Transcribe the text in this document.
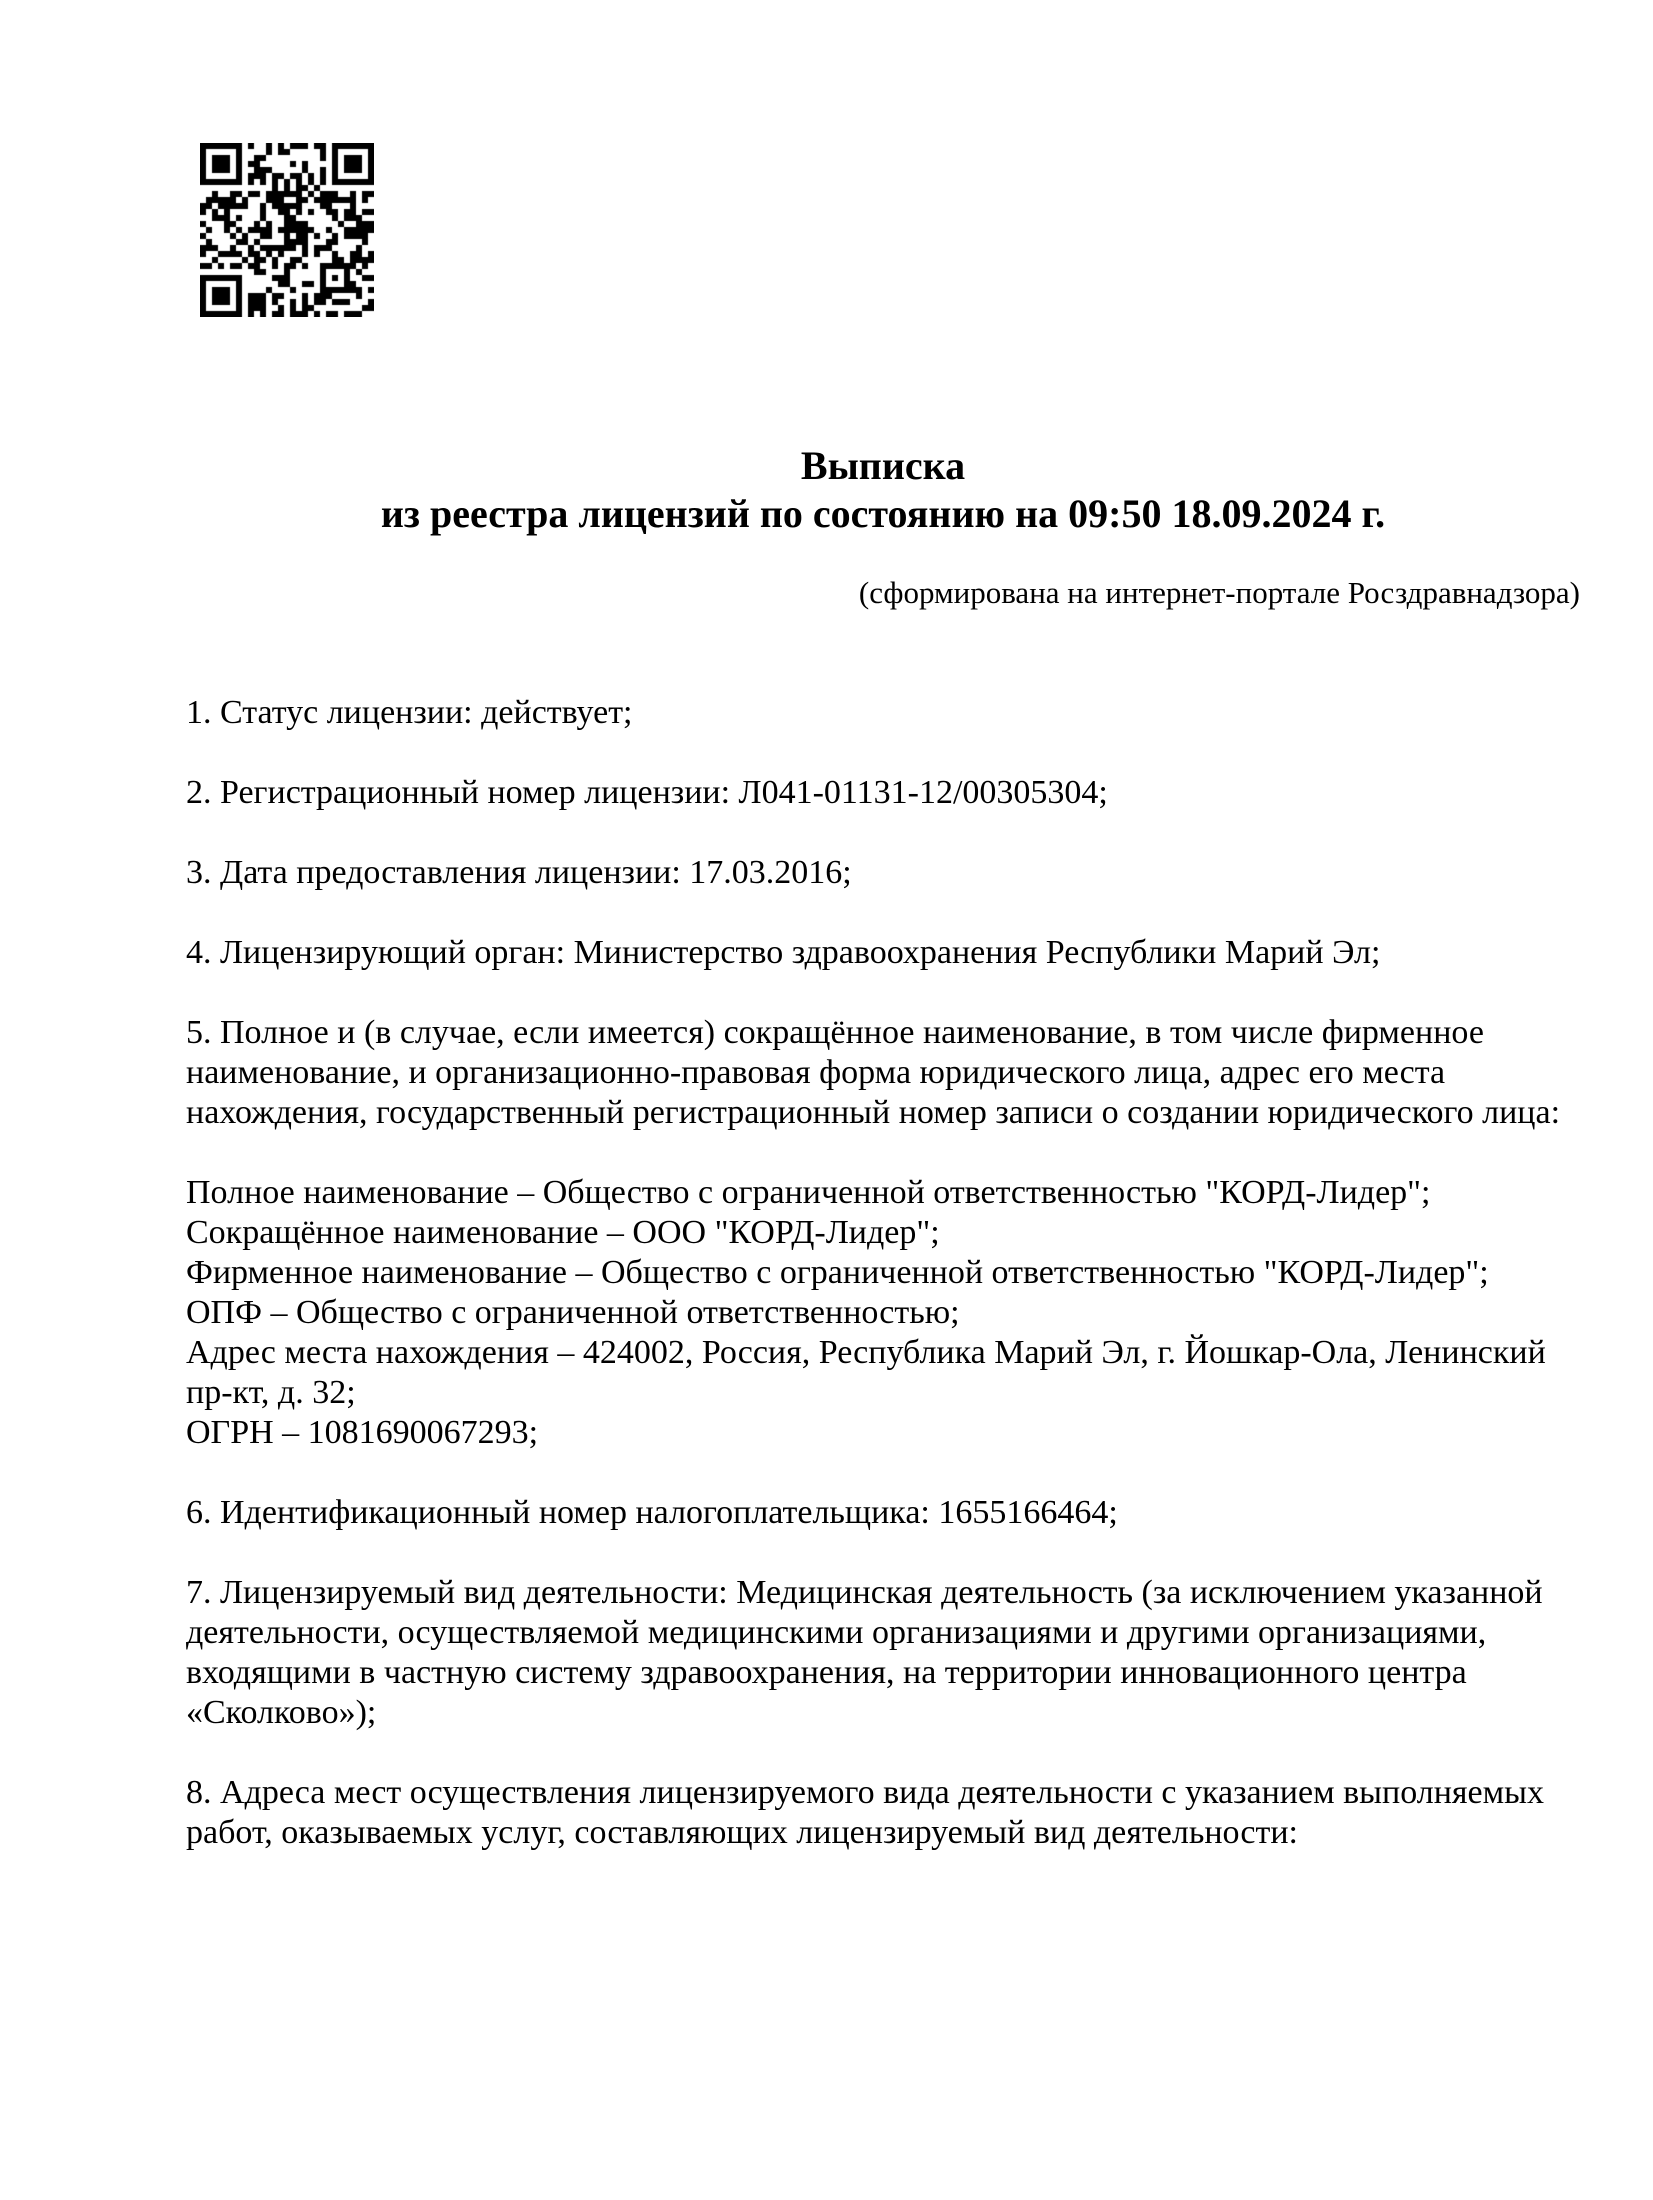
Выписка
из реестра лицензий по состоянию на 09:50 18.09.2024 г.
(сформирована на интернет-портале Росздравнадзора)

1. Статус лицензии: действует;

2. Регистрационный номер лицензии: Л041-01131-12/00305304;

3. Дата предоставления лицензии: 17.03.2016;

4. Лицензирующий орган: Министерство здравоохранения Республики Марий Эл;

5. Полное и (в случае, если имеется) сокращённое наименование, в том числе фирменное наименование, и организационно-правовая форма юридического лица, адрес его места нахождения, государственный регистрационный номер записи о создании юридического лица:

Полное наименование – Общество с ограниченной ответственностью "КОРД-Лидер";
Сокращённое наименование – ООО "КОРД-Лидер";
Фирменное наименование – Общество с ограниченной ответственностью "КОРД-Лидер";
ОПФ – Общество с ограниченной ответственностью;
Адрес места нахождения – 424002, Россия, Республика Марий Эл, г. Йошкар-Ола, Ленинский пр-кт, д. 32;
ОГРН – 1081690067293;

6. Идентификационный номер налогоплательщика: 1655166464;

7. Лицензируемый вид деятельности: Медицинская деятельность (за исключением указанной деятельности, осуществляемой медицинскими организациями и другими организациями, входящими в частную систему здравоохранения, на территории инновационного центра «Сколково»);

8. Адреса мест осуществления лицензируемого вида деятельности с указанием выполняемых работ, оказываемых услуг, составляющих лицензируемый вид деятельности:
